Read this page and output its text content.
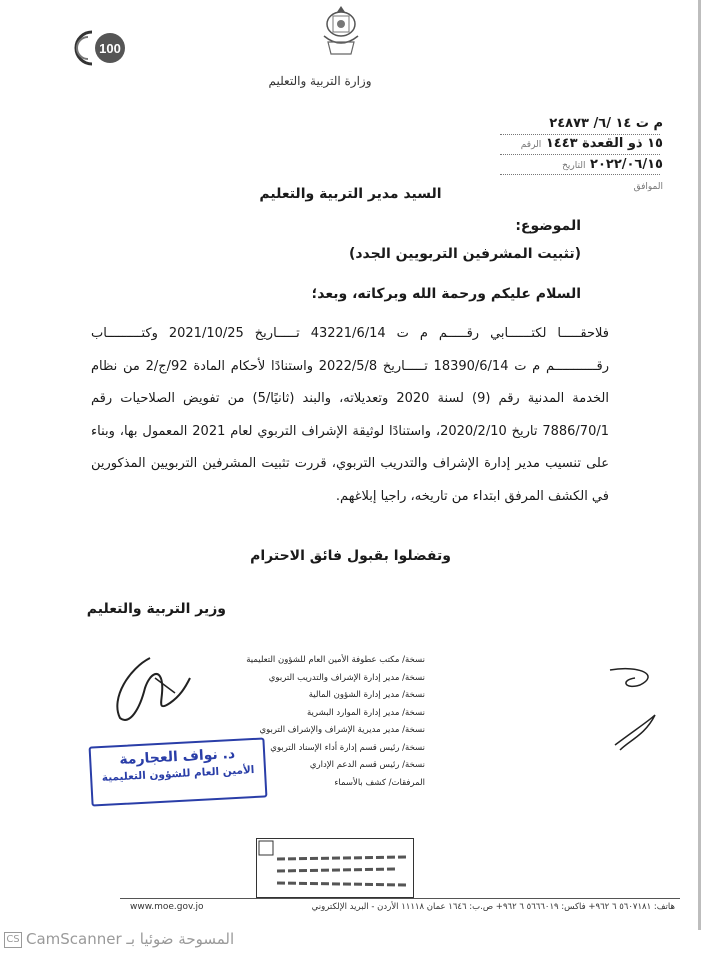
100
وزارة التربية والتعليم
م ت ١٤ /٦/ ٢٤٨٧٣
١٥ ذو القعدة ١٤٤٣ الرقم
٢٠٢٢/٠٦/١٥ التاريخ
الموافق
السيد مدير التربية والتعليم
الموضوع:
(تثبيت المشرفين التربويين الجدد)
السلام عليكم ورحمة الله وبركاته، وبعد؛
فلاحقـــــا لكتــــــابي رقـــــم م ت 43221/6/14 تـــــاريخ 2021/10/25 وكتـــــــــاب رقـــــــــــم م ت 18390/6/14 تـــــاريخ 2022/5/8 واستنادًا لأحكام المادة 92/ج/2 من نظام الخدمة المدنية رقم (9) لسنة 2020 وتعديلاته، والبند (ثانيًا/5) من تفويض الصلاحيات رقم 7886/70/1 تاريخ 2020/2/10، واستنادًا لوثيقة الإشراف التربوي لعام 2021 المعمول بها، وبناء على تنسيب مدير إدارة الإشراف والتدريب التربوي، قررت تثبيت المشرفين التربويين المذكورين في الكشف المرفق ابتداء من تاريخه، راجيا إبلاغهم.
وتفضلوا بقبول فائق الاحترام
وزير التربية والتعليم
نسخة/ مكتب عطوفة الأمين العام للشؤون التعليمية
نسخة/ مدير إدارة الإشراف والتدريب التربوي
نسخة/ مدير إدارة الشؤون المالية
نسخة/ مدير إدارة الموارد البشرية
نسخة/ مدير مديرية الإشراف والإشراف التربوي
نسخة/ رئيس قسم إدارة أداء الإسناد التربوي
نسخة/ رئيس قسم الدعم الإداري
المرفقات/ كشف بالأسماء
د. نواف العجارمة
الأمين العام للشؤون التعليمية
www.moe.gov.jo	هاتف: ٥٦٠٧١٨١ ٦ ٩٦٢+ فاكس: ٥٦٦٦٠١٩ ٦ ٩٦٢+ ص.ب: ١٦٤٦ عمان ١١١١٨ الأردن - البريد الإلكتروني
CS CamScanner المسوحة ضوئيا بـ
